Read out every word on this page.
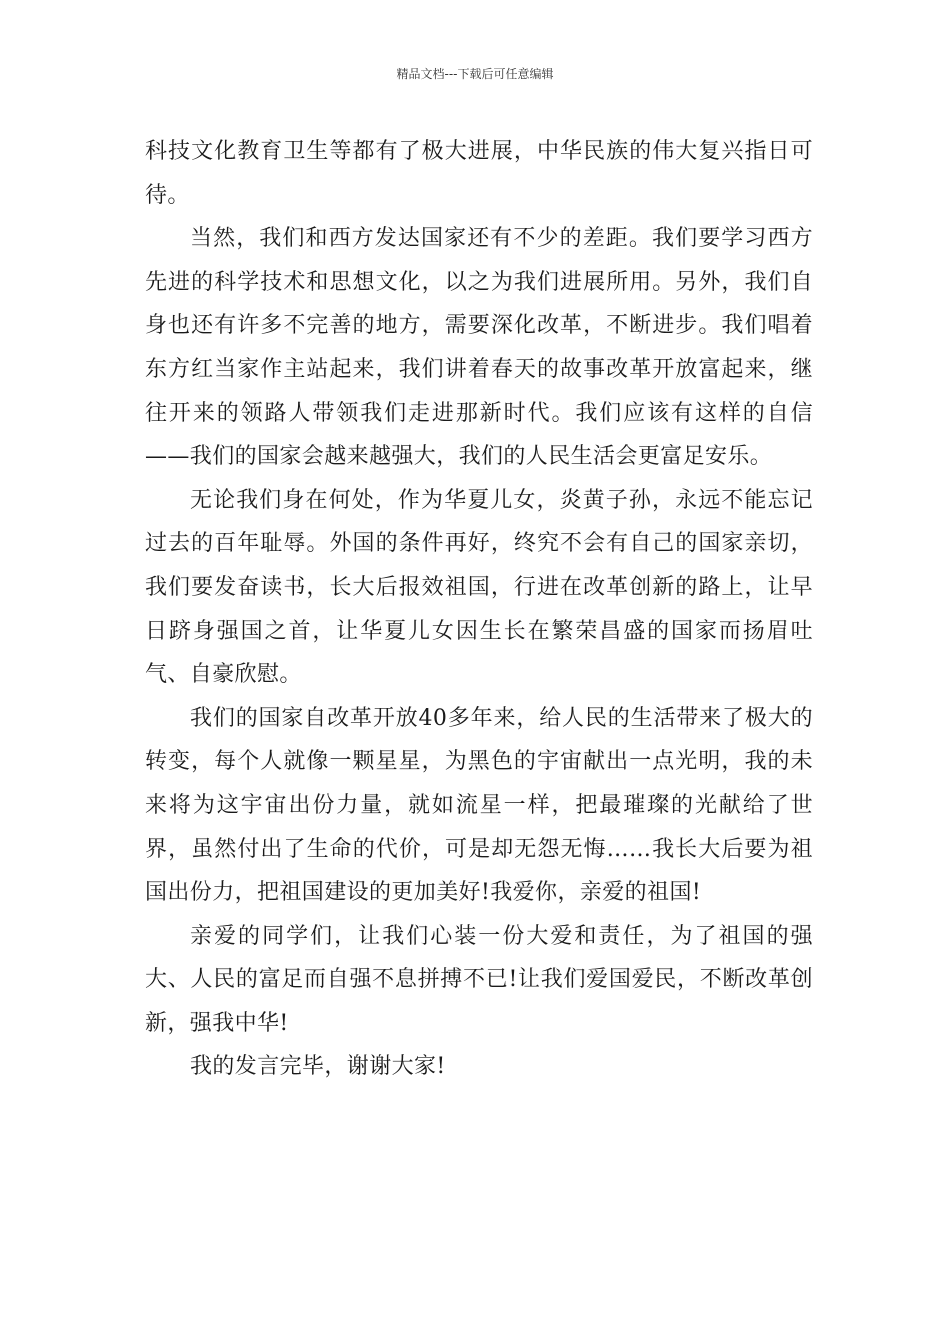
精品文档---下载后可任意编辑

科技文化教育卫生等都有了极大进展，中华民族的伟大复兴指日可待。

当然，我们和西方发达国家还有不少的差距。我们要学习西方先进的科学技术和思想文化，以之为我们进展所用。另外，我们自身也还有许多不完善的地方，需要深化改革，不断进步。我们唱着东方红当家作主站起来，我们讲着春天的故事改革开放富起来，继往开来的领路人带领我们走进那新时代。我们应该有这样的自信——我们的国家会越来越强大，我们的人民生活会更富足安乐。

无论我们身在何处，作为华夏儿女，炎黄子孙，永远不能忘记过去的百年耻辱。外国的条件再好，终究不会有自己的国家亲切，我们要发奋读书，长大后报效祖国，行进在改革创新的路上，让早日跻身强国之首，让华夏儿女因生长在繁荣昌盛的国家而扬眉吐气、自豪欣慰。

我们的国家自改革开放40多年来，给人民的生活带来了极大的转变，每个人就像一颗星星，为黑色的宇宙献出一点光明，我的未来将为这宇宙出份力量，就如流星一样，把最璀璨的光献给了世界，虽然付出了生命的代价，可是却无怨无悔……我长大后要为祖国出份力，把祖国建设的更加美好!我爱你，亲爱的祖国!

亲爱的同学们，让我们心装一份大爱和责任，为了祖国的强大、人民的富足而自强不息拼搏不已!让我们爱国爱民，不断改革创新，强我中华!

我的发言完毕，谢谢大家!
